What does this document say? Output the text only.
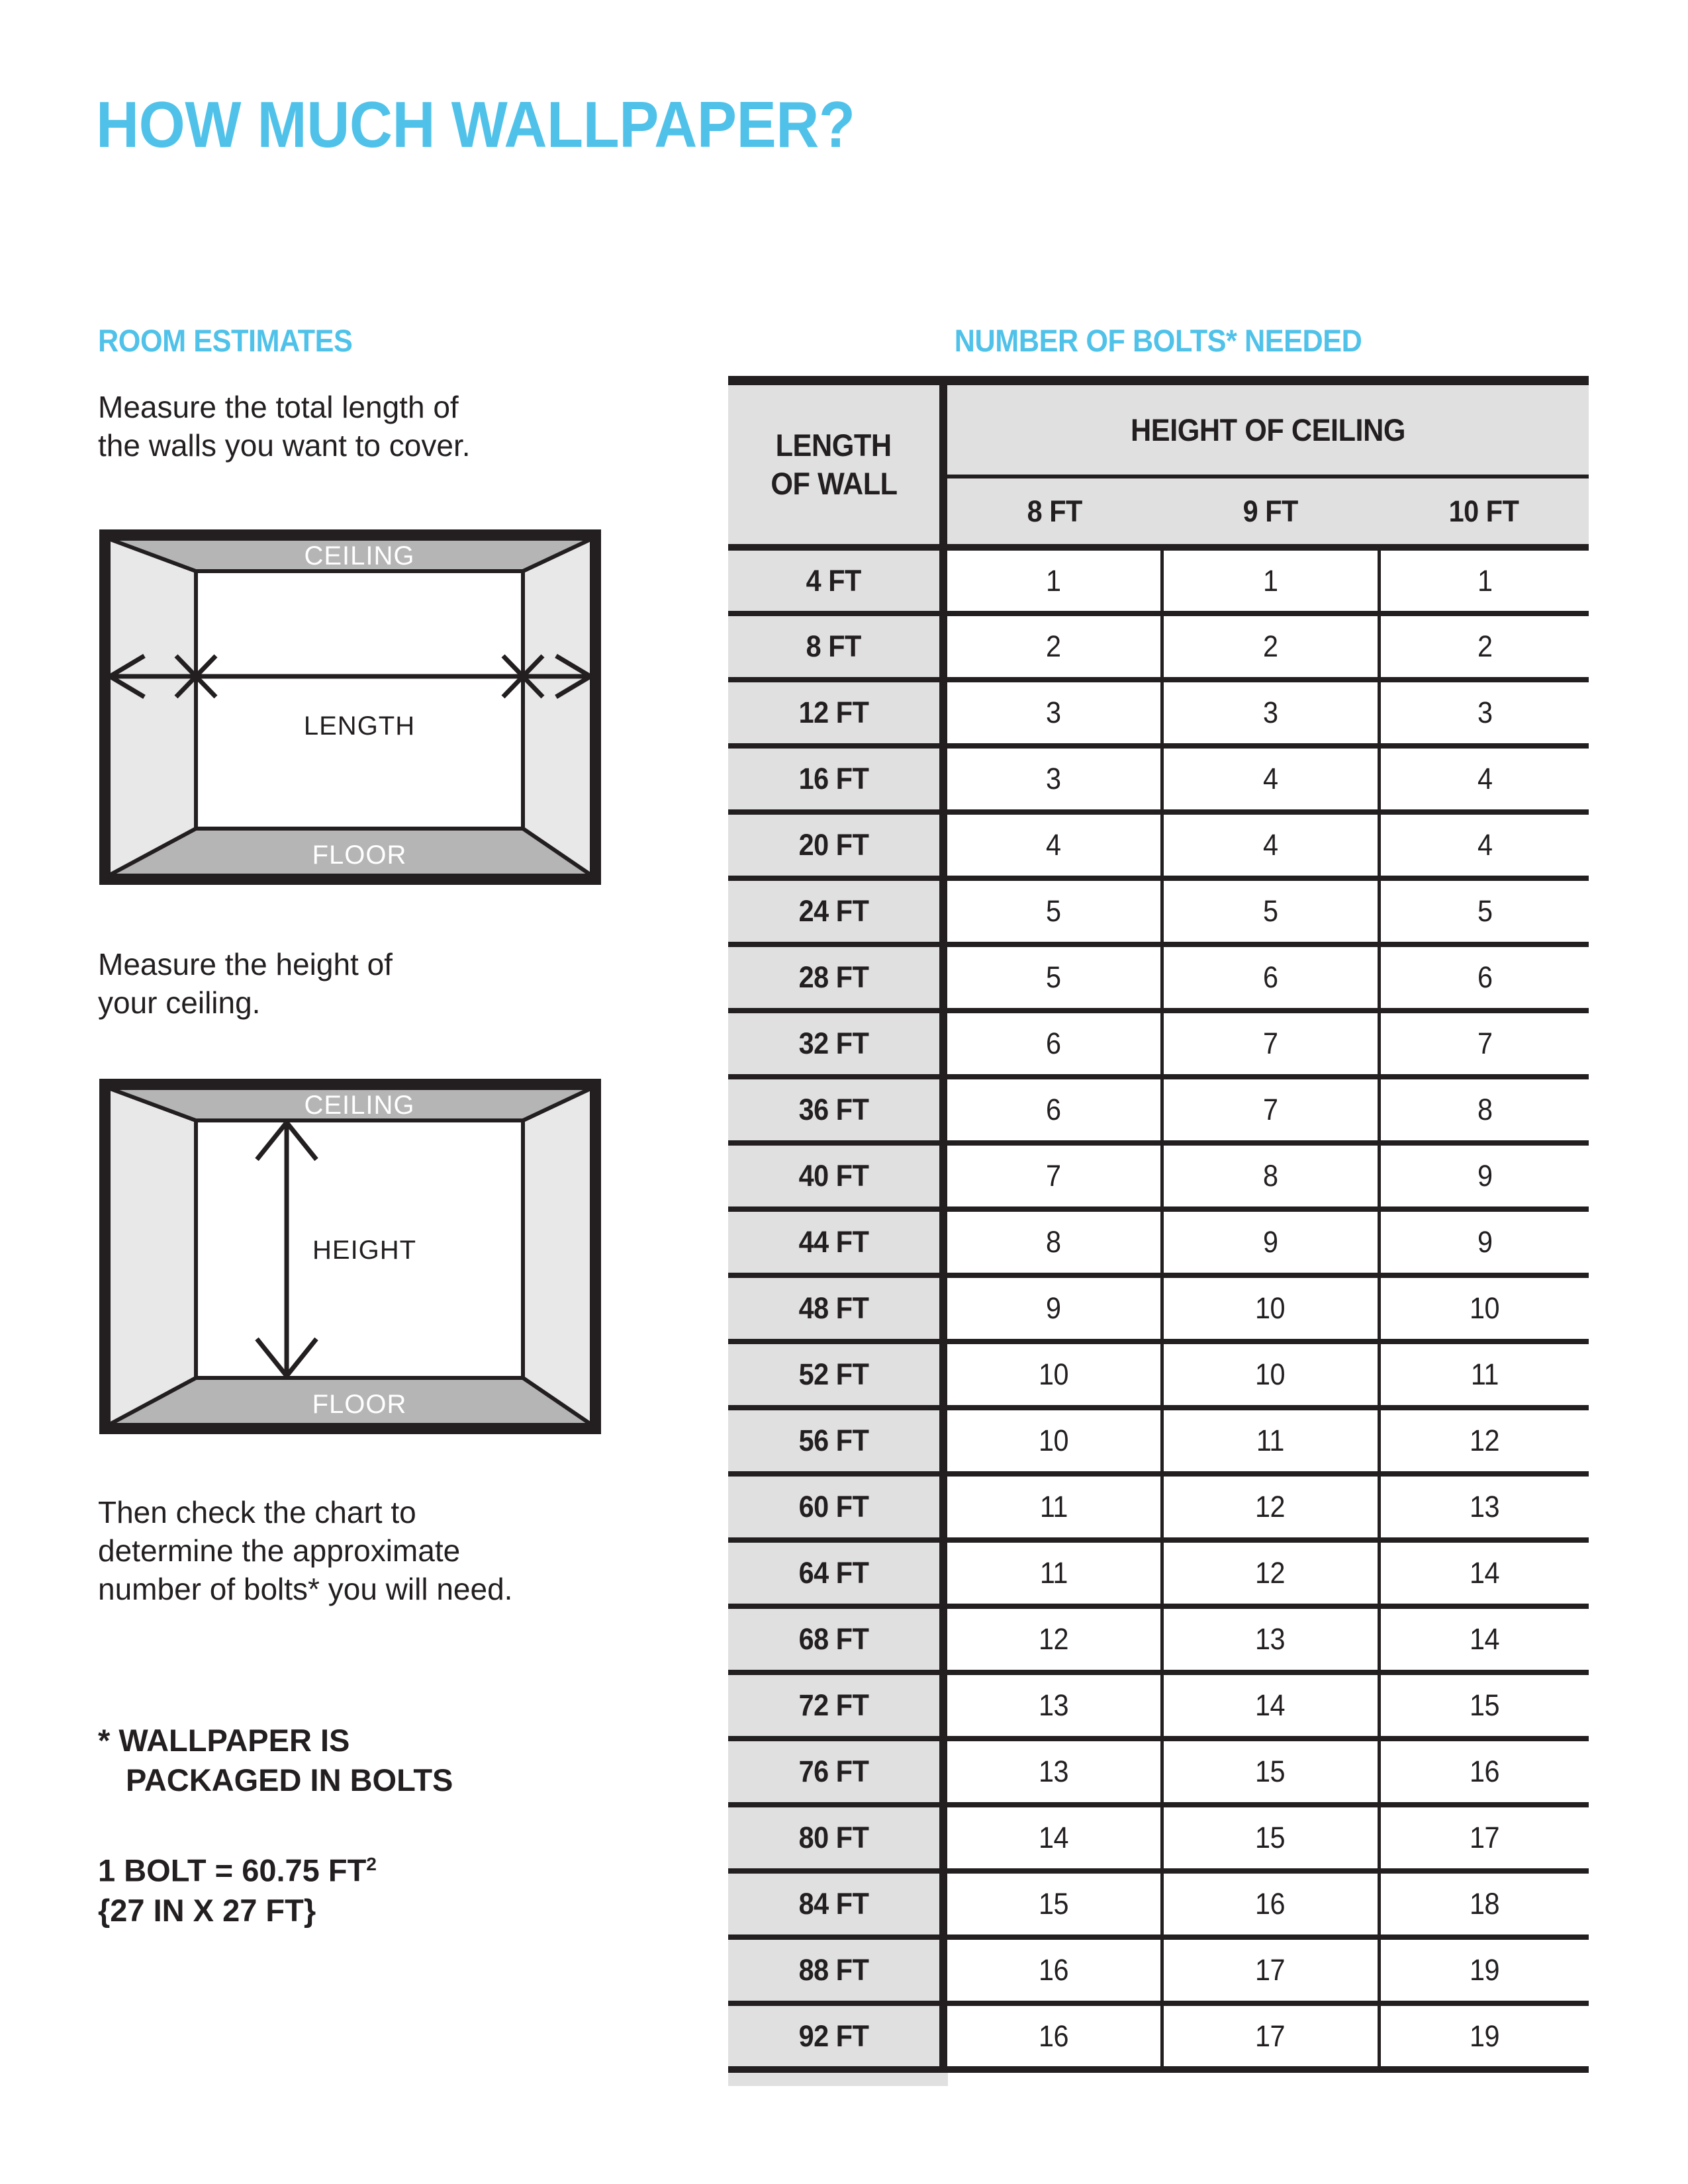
HOW MUCH WALLPAPER?
ROOM ESTIMATES
Measure the total length of
the walls you want to cover.
CEILING
LENGTH
FLOOR
Measure the height of
your ceiling.
CEILING
HEIGHT
FLOOR
Then check the chart to
determine the approximate
number of bolts* you will need.
* WALLPAPER IS
PACKAGED IN BOLTS
1 BOLT = 60.75 $FT^2$
{27 IN X 27 FT}
NUMBER OF BOLTS* NEEDED
LENGTH OF WALL	HEIGHT OF CEILING		
	8 FT	9 FT	10 FT
4 FT	1	1	1
8 FT	2	2	2
12 FT	3	3	3
16 FT	3	4	4
20 FT	4	4	4
24 FT	5	5	5
28 FT	5	6	6
32 FT	6	7	7
36 FT	6	7	8
40 FT	7	8	9
44 FT	8	9	9
48 FT	9	10	10
52 FT	10	10	11
56 FT	10	11	12
60 FT	11	12	13
64 FT	11	12	14
68 FT	12	13	14
72 FT	13	14	15
76 FT	13	15	16
80 FT	14	15	17
84 FT	15	16	18
88 FT	16	17	19
92 FT	16	17	19
